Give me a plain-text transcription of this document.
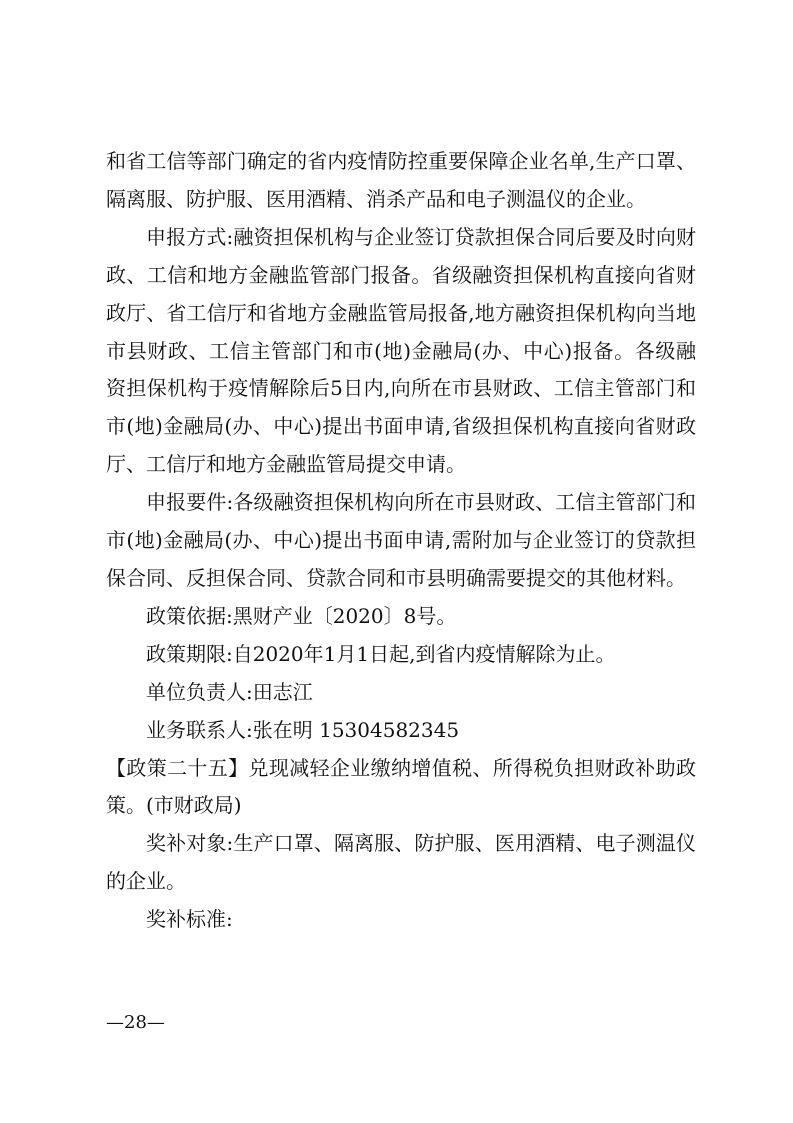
和省工信等部门确定的省内疫情防控重要保障企业名单,生产口罩、隔离服、防护服、医用酒精、消杀产品和电子测温仪的企业。

申报方式:融资担保机构与企业签订贷款担保合同后要及时向财政、工信和地方金融监管部门报备。省级融资担保机构直接向省财政厅、省工信厅和省地方金融监管局报备,地方融资担保机构向当地市县财政、工信主管部门和市(地)金融局(办、中心)报备。各级融资担保机构于疫情解除后5日内,向所在市县财政、工信主管部门和市(地)金融局(办、中心)提出书面申请,省级担保机构直接向省财政厅、工信厅和地方金融监管局提交申请。

申报要件:各级融资担保机构向所在市县财政、工信主管部门和市(地)金融局(办、中心)提出书面申请,需附加与企业签订的贷款担保合同、反担保合同、贷款合同和市县明确需要提交的其他材料。

政策依据:黑财产业〔2020〕8号。

政策期限:自2020年1月1日起,到省内疫情解除为止。

单位负责人:田志江

业务联系人:张在明 15304582345

【政策二十五】兑现减轻企业缴纳增值税、所得税负担财政补助政策。(市财政局)

奖补对象:生产口罩、隔离服、防护服、医用酒精、电子测温仪的企业。

奖补标准:

—28—
